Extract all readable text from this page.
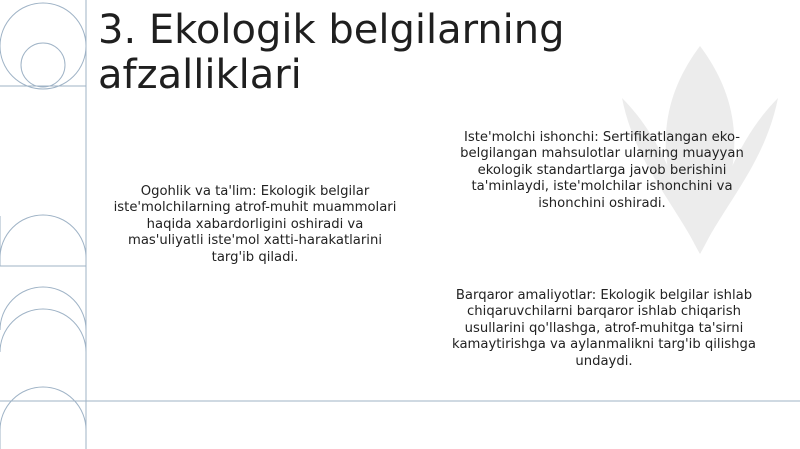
3. Ekologik belgilarning
afzalliklari
Ogohlik va ta'lim: Ekologik belgilar
iste'molchilarning atrof-muhit muammolari
haqida xabardorligini oshiradi va
mas'uliyatli iste'mol xatti-harakatlarini
targ'ib qiladi.
Iste'molchi ishonchi: Sertifikatlangan eko-
belgilangan mahsulotlar ularning muayyan
ekologik standartlarga javob berishini
ta'minlaydi, iste'molchilar ishonchini va
ishonchini oshiradi.
Barqaror amaliyotlar: Ekologik belgilar ishlab
chiqaruvchilarni barqaror ishlab chiqarish
usullarini qo'llashga, atrof-muhitga ta'sirni
kamaytirishga va aylanmalikni targ'ib qilishga
undaydi.
